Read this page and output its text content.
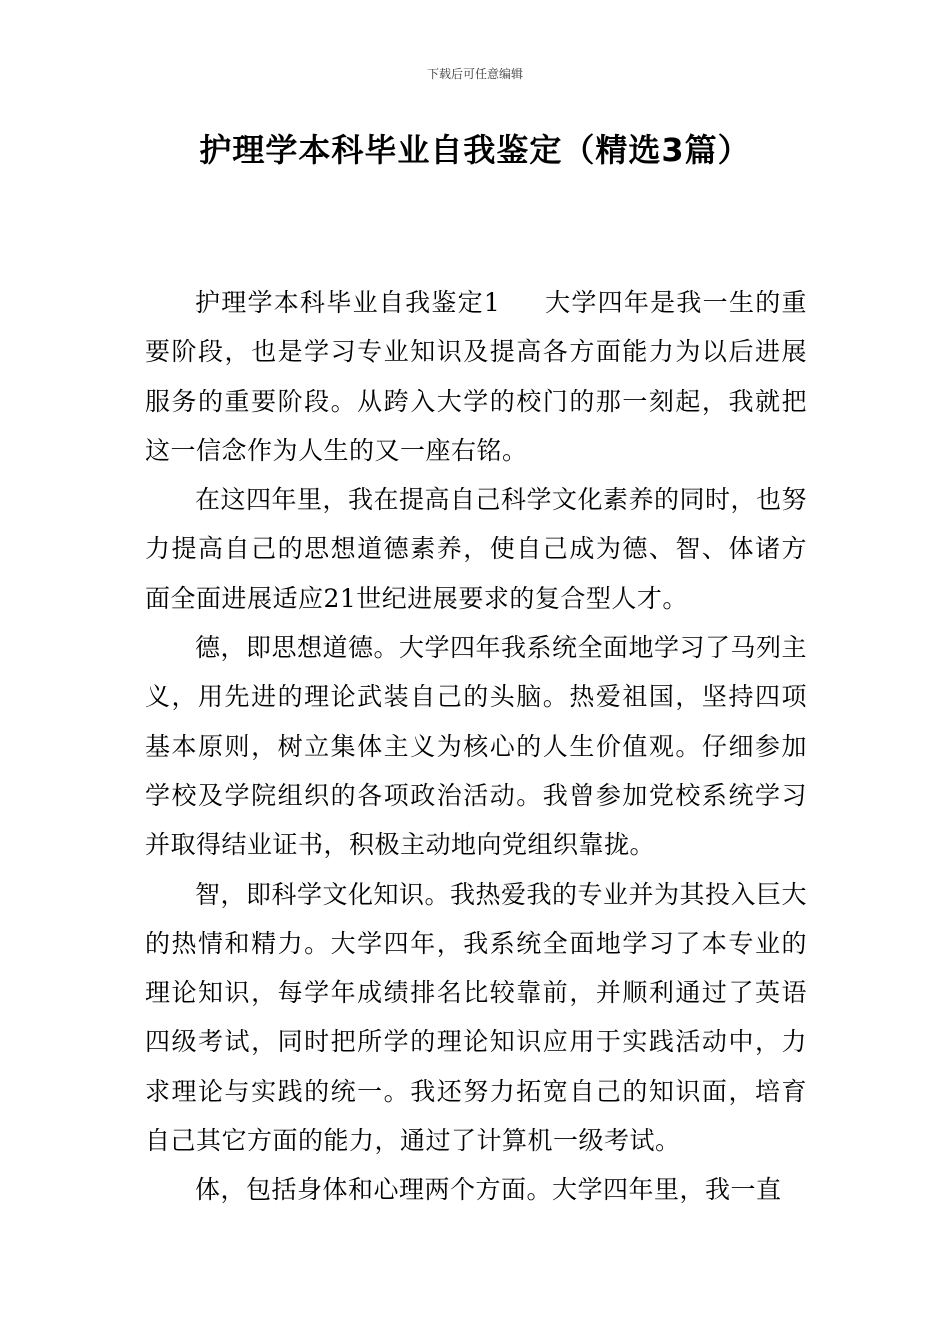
下载后可任意编辑
护理学本科毕业自我鉴定（精选3篇）

护理学本科毕业自我鉴定1 大学四年是我一生的重要阶段，也是学习专业知识及提高各方面能力为以后进展服务的重要阶段。从跨入大学的校门的那一刻起，我就把这一信念作为人生的又一座右铭。

在这四年里，我在提高自己科学文化素养的同时，也努力提高自己的思想道德素养，使自己成为德、智、体诸方面全面进展适应21世纪进展要求的复合型人才。

德，即思想道德。大学四年我系统全面地学习了马列主义，用先进的理论武装自己的头脑。热爱祖国，坚持四项基本原则，树立集体主义为核心的人生价值观。仔细参加学校及学院组织的各项政治活动。我曾参加党校系统学习并取得结业证书，积极主动地向党组织靠拢。

智，即科学文化知识。我热爱我的专业并为其投入巨大的热情和精力。大学四年，我系统全面地学习了本专业的理论知识，每学年成绩排名比较靠前，并顺利通过了英语四级考试，同时把所学的理论知识应用于实践活动中，力求理论与实践的统一。我还努力拓宽自己的知识面，培育自己其它方面的能力，通过了计算机一级考试。

体，包括身体和心理两个方面。大学四年里，我一直
